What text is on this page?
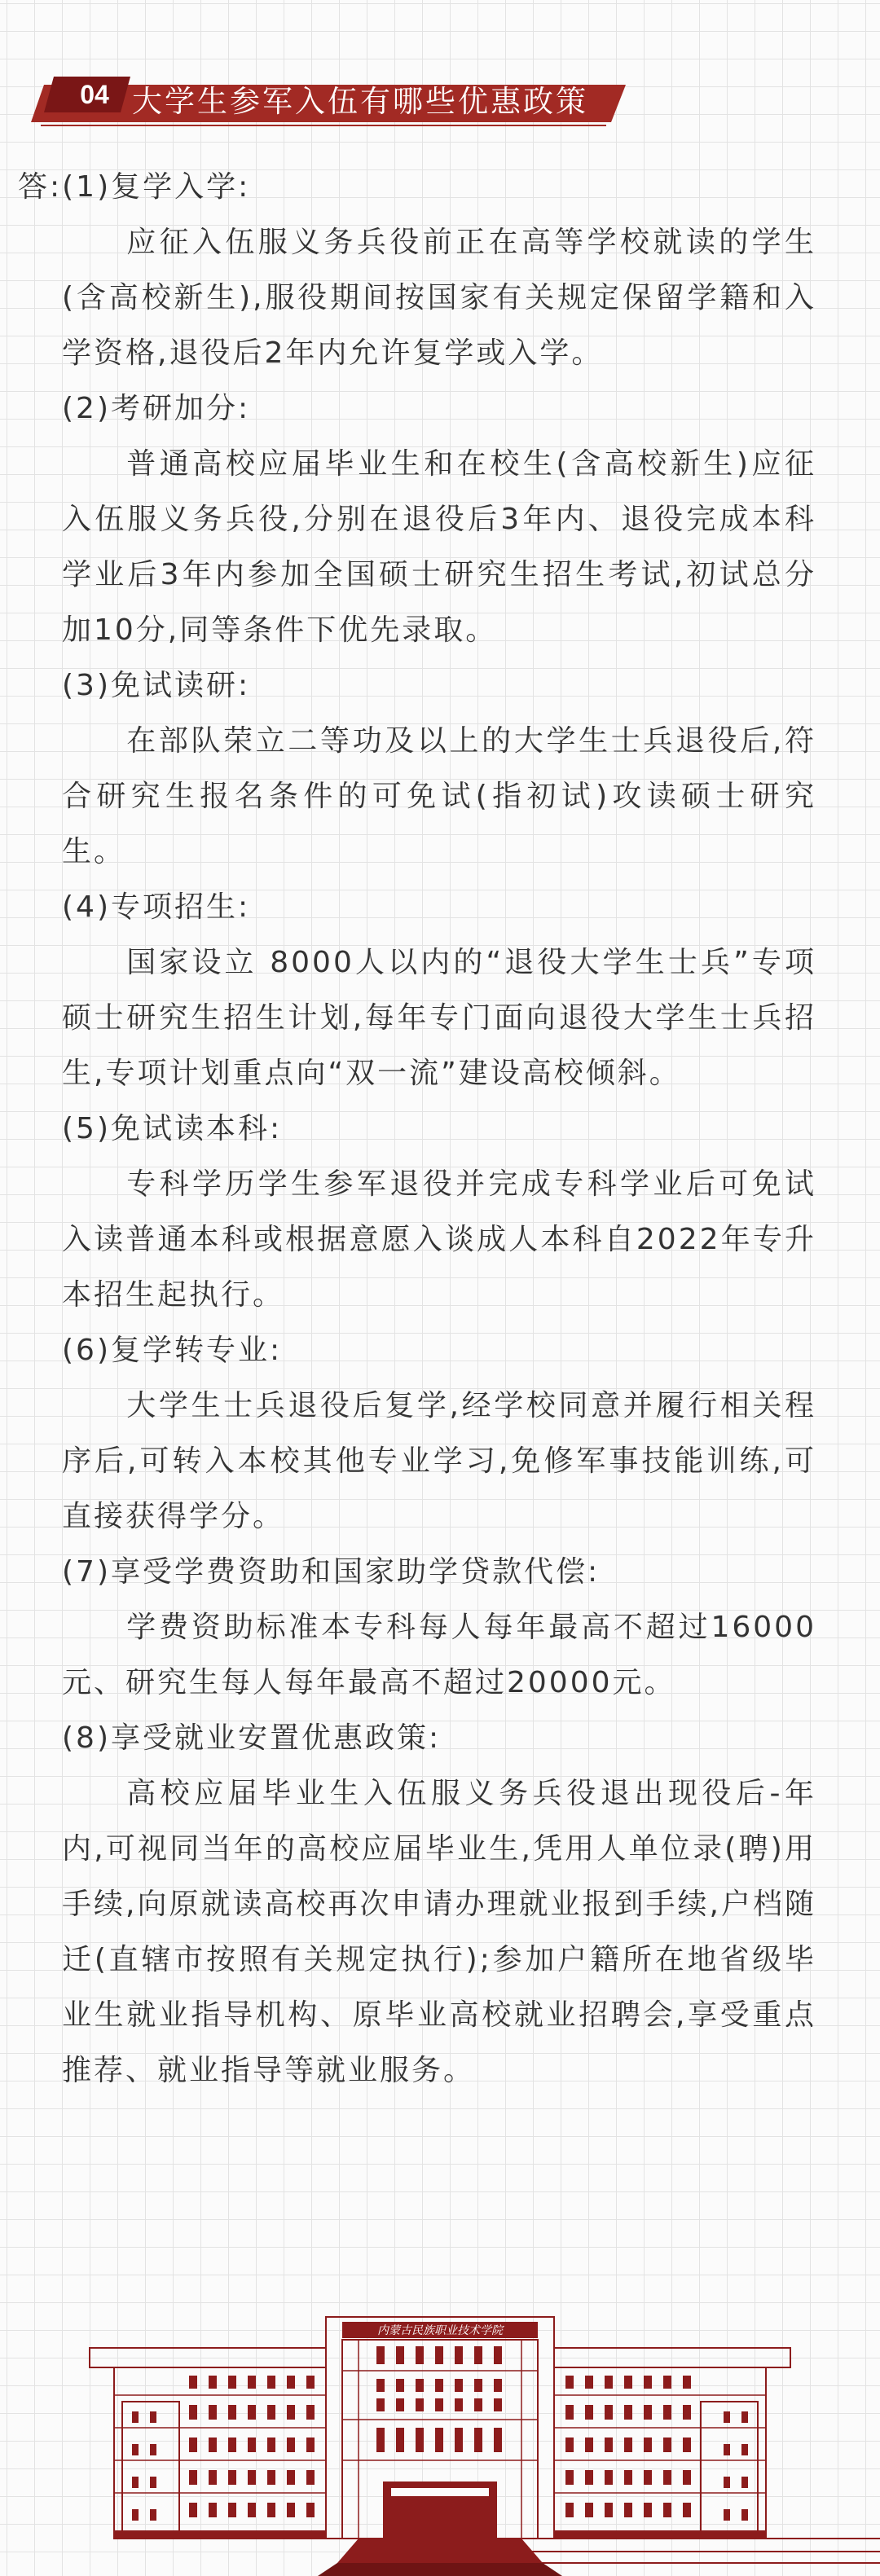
04 大学生参军入伍有哪些优惠政策
答:(1)复学入学:

应征入伍服义务兵役前正在高等学校就读的学生(含高校新生),服役期间按国家有关规定保留学籍和入学资格,退役后2年内允许复学或入学。

(2)考研加分:

普通高校应届毕业生和在校生(含高校新生)应征入伍服义务兵役,分别在退役后3年内、退役完成本科学业后3年内参加全国硕士研究生招生考试,初试总分加10分,同等条件下优先录取。

(3)免试读研:

在部队荣立二等功及以上的大学生士兵退役后,符合研究生报名条件的可免试(指初试)攻读硕士研究生。

(4)专项招生:

国家设立 8000人以内的“退役大学生士兵”专项硕士研究生招生计划,每年专门面向退役大学生士兵招生,专项计划重点向“双一流”建设高校倾斜。

(5)免试读本科:

专科学历学生参军退役并完成专科学业后可免试入读普通本科或根据意愿入谈成人本科自2022年专升本招生起执行。

(6)复学转专业:

大学生士兵退役后复学,经学校同意并履行相关程序后,可转入本校其他专业学习,免修军事技能训练,可直接获得学分。

(7)享受学费资助和国家助学贷款代偿:

学费资助标准本专科每人每年最高不超过16000元、研究生每人每年最高不超过20000元。

(8)享受就业安置优惠政策:

高校应届毕业生入伍服义务兵役退出现役后-年内,可视同当年的高校应届毕业生,凭用人单位录(聘)用手续,向原就读高校再次申请办理就业报到手续,户档随迁(直辖市按照有关规定执行);参加户籍所在地省级毕业生就业指导机构、原毕业高校就业招聘会,享受重点推荐、就业指导等就业服务。

内蒙古民族职业技术学院
